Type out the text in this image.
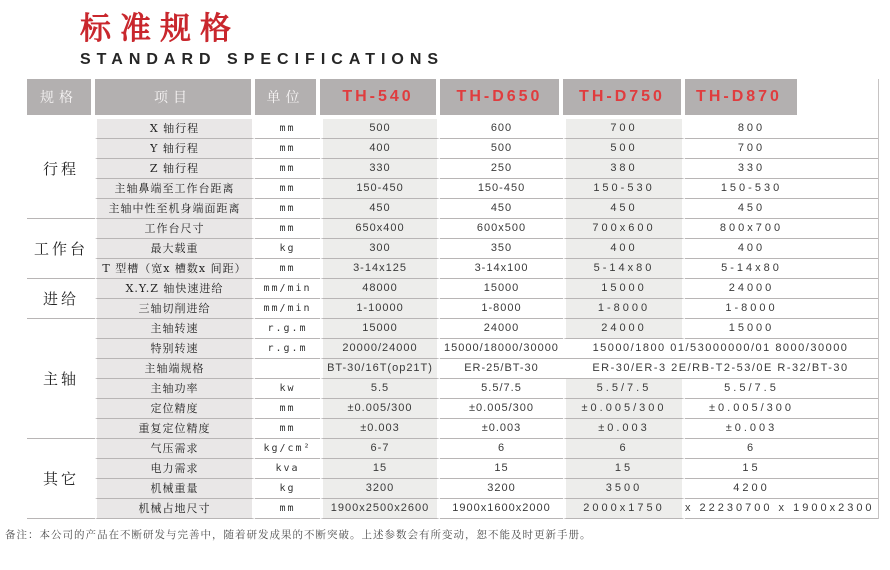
标准规格
STANDARD SPECIFICATIONS
规格	项目	单位	TH-540	TH-D650	TH-D750	TH-D870
行程	X 轴行程	mm	500	600	700	800
	Y 轴行程	mm	400	500	500	700
	Z 轴行程	mm	330	250	380	330
	主轴鼻端至工作台距离	mm	150-450	150-450	150-530	150-530
	主轴中性至机身端面距离	mm	450	450	450	450
工作台	工作台尺寸	mm	650x400	600x500	700x600	800x700
	最大载重	kg	300	350	400	400
	T 型槽（宽x 槽数x 间距）	mm	3-14x125	3-14x100	5-14x80	5-14x80
进给	X.Y.Z 轴快速进给	mm/min	48000	15000	15000	24000
	三轴切削进给	mm/min	1-10000	1-8000	1-8000	1-8000
主轴	主轴转速	r.g.m	15000	24000	24000	15000
	特别转速	r.g.m	20000/24000	15000/18000/30000	15000/1800 01/53000000/01 8000/30000	
	主轴端规格		BT-30/16T(op21T)	ER-25/BT-30	ER-30/ER-3 2E/RB-T2-53/0E R-32/BT-30	
	主轴功率	kw	5.5	5.5/7.5	5.5/7.5	5.5/7.5
	定位精度	mm	±0.005/300	±0.005/300	±0.005/300	±0.005/300
	重复定位精度	mm	±0.003	±0.003	±0.003	±0.003
其它	气压需求	kg/cm²	6-7	6	6	6
	电力需求	kva	15	15	15	15
	机械重量	kg	3200	3200	3500	4200
	机械占地尺寸	mm	1900x2500x2600	1900x1600x2000	2000x1750	x 22230700 x 1900x2300

备注：本公司的产品在不断研发与完善中，随着研发成果的不断突破。上述参数会有所变动，恕不能及时更新手册。
